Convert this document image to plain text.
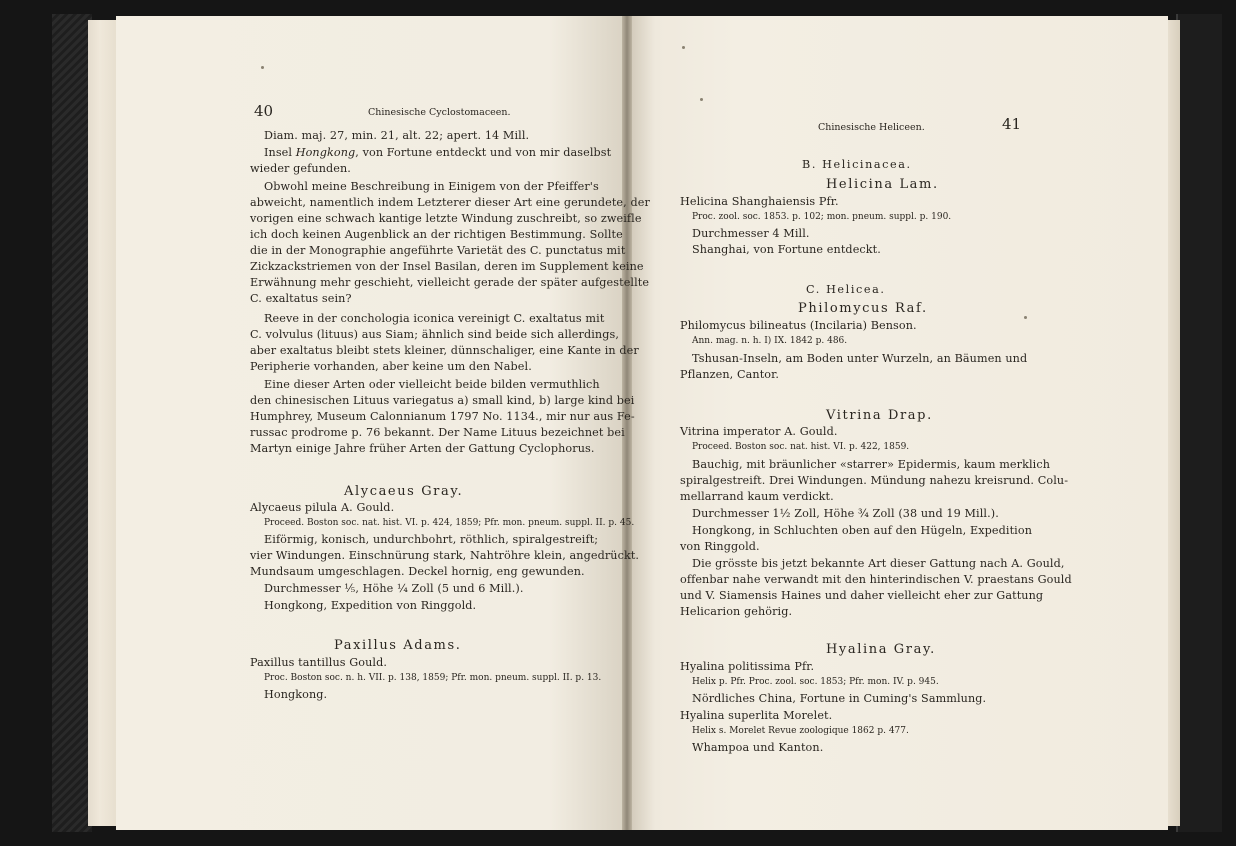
40	Chinesische Cyclostomaceen.
Diam. maj. 27, min. 21, alt. 22; apert. 14 Mill.
Insel Hongkong, von Fortune entdeckt und von mir daselbst
wieder gefunden.
Obwohl meine Beschreibung in Einigem von der Pfeiffer's
abweicht, namentlich indem Letzterer dieser Art eine gerundete, der
vorigen eine schwach kantige letzte Windung zuschreibt, so zweifle
ich doch keinen Augenblick an der richtigen Bestimmung. Sollte
die in der Monographie angeführte Varietät des C. punctatus mit
Zickzackstriemen von der Insel Basilan, deren im Supplement keine
Erwähnung mehr geschieht, vielleicht gerade der später aufgestellte
C. exaltatus sein?
Reeve in der conchologia iconica vereinigt C. exaltatus mit
C. volvulus (lituus) aus Siam; ähnlich sind beide sich allerdings,
aber exaltatus bleibt stets kleiner, dünnschaliger, eine Kante in der
Peripherie vorhanden, aber keine um den Nabel.
Eine dieser Arten oder vielleicht beide bilden vermuthlich
den chinesischen Lituus variegatus a) small kind, b) large kind bei
Humphrey, Museum Calonnianum 1797 No. 1134., mir nur aus Fe-
russac prodrome p. 76 bekannt. Der Name Lituus bezeichnet bei
Martyn einige Jahre früher Arten der Gattung Cyclophorus.
Alycaeus Gray.
Alycaeus pilula A. Gould.
Proceed. Boston soc. nat. hist. VI. p. 424, 1859; Pfr. mon. pneum. suppl. II. p. 45.
Eiförmig, konisch, undurchbohrt, röthlich, spiralgestreift;
vier Windungen. Einschnürung stark, Nahtröhre klein, angedrückt.
Mundsaum umgeschlagen. Deckel hornig, eng gewunden.
Durchmesser ⅕, Höhe ¼ Zoll (5 und 6 Mill.).
Hongkong, Expedition von Ringgold.
Paxillus Adams.
Paxillus tantillus Gould.
Proc. Boston soc. n. h. VII. p. 138, 1859; Pfr. mon. pneum. suppl. II. p. 13.
Hongkong.
Chinesische Heliceen.	41
B. Helicinacea.
Helicina Lam.
Helicina Shanghaiensis Pfr.
Proc. zool. soc. 1853. p. 102; mon. pneum. suppl. p. 190.
Durchmesser 4 Mill.
Shanghai, von Fortune entdeckt.
C. Helicea.
Philomycus Raf.
Philomycus bilineatus (Incilaria) Benson.
Ann. mag. n. h. I) IX. 1842 p. 486.
Tshusan-Inseln, am Boden unter Wurzeln, an Bäumen und
Pflanzen, Cantor.
Vitrina Drap.
Vitrina imperator A. Gould.
Proceed. Boston soc. nat. hist. VI. p. 422, 1859.
Bauchig, mit bräunlicher «starrer» Epidermis, kaum merklich
spiralgestreift. Drei Windungen. Mündung nahezu kreisrund. Colu-
mellarrand kaum verdickt.
Durchmesser 1½ Zoll, Höhe ¾ Zoll (38 und 19 Mill.).
Hongkong, in Schluchten oben auf den Hügeln, Expedition
von Ringgold.
Die grösste bis jetzt bekannte Art dieser Gattung nach A. Gould,
offenbar nahe verwandt mit den hinterindischen V. praestans Gould
und V. Siamensis Haines und daher vielleicht eher zur Gattung
Helicarion gehörig.
Hyalina Gray.
Hyalina politissima Pfr.
Helix p. Pfr. Proc. zool. soc. 1853; Pfr. mon. IV. p. 945.
Nördliches China, Fortune in Cuming's Sammlung.
Hyalina superlita Morelet.
Helix s. Morelet Revue zoologique 1862 p. 477.
Whampoa und Kanton.
